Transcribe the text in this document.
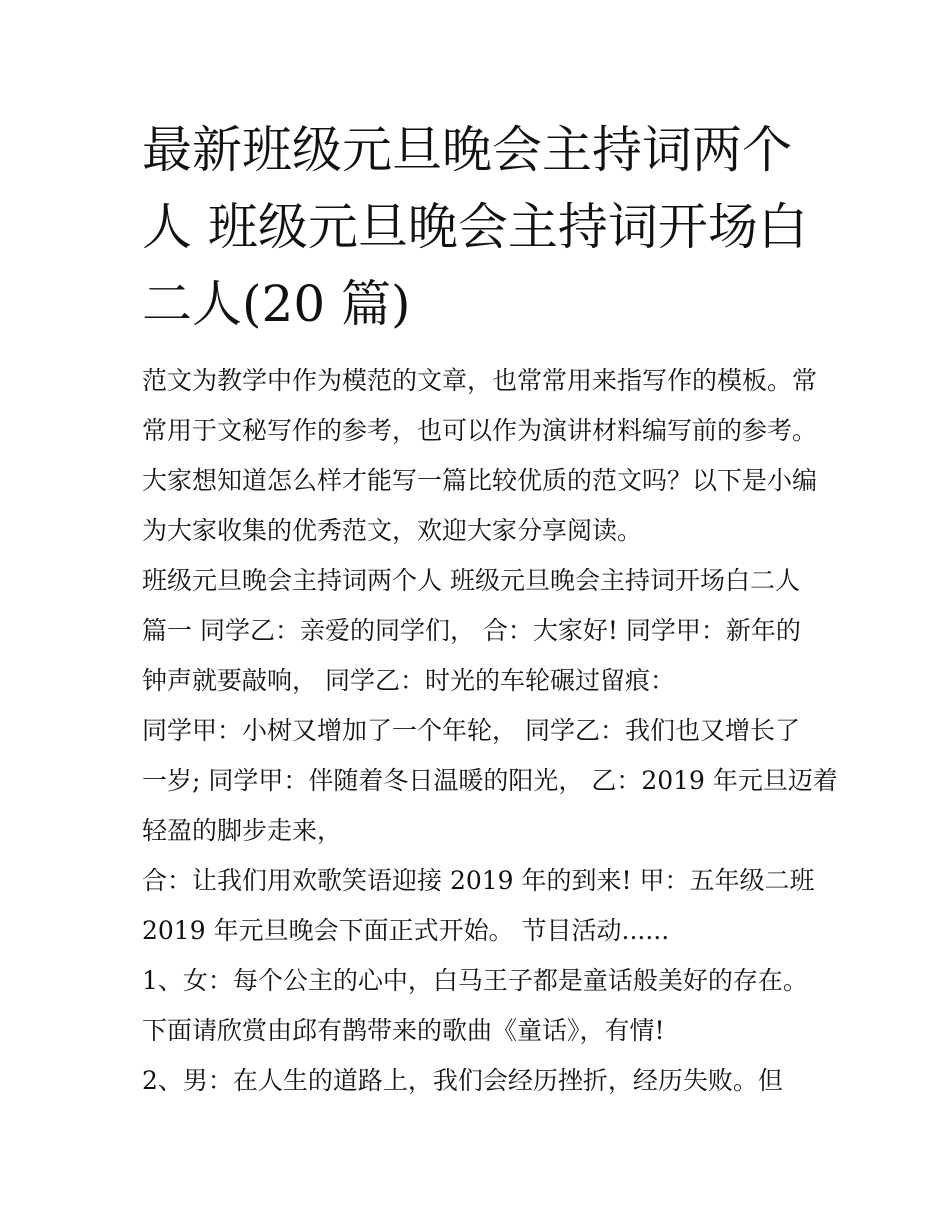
最新班级元旦晚会主持词两个
人 班级元旦晚会主持词开场白
二人(20 篇)
范文为教学中作为模范的文章，也常常用来指写作的模板。常
常用于文秘写作的参考，也可以作为演讲材料编写前的参考。
大家想知道怎么样才能写一篇比较优质的范文吗？以下是小编
为大家收集的优秀范文，欢迎大家分享阅读。
班级元旦晚会主持词两个人 班级元旦晚会主持词开场白二人
篇一 同学乙：亲爱的同学们， 合：大家好! 同学甲：新年的
钟声就要敲响， 同学乙：时光的车轮碾过留痕：
同学甲：小树又增加了一个年轮， 同学乙：我们也又增长了
一岁; 同学甲：伴随着冬日温暖的阳光， 乙：2019 年元旦迈着
轻盈的脚步走来，
合：让我们用欢歌笑语迎接 2019 年的到来! 甲：五年级二班
2019 年元旦晚会下面正式开始。 节目活动......
1、女：每个公主的心中，白马王子都是童话般美好的存在。
下面请欣赏由邱有鹊带来的歌曲《童话》，有情!
2、男：在人生的道路上，我们会经历挫折，经历失败。但
